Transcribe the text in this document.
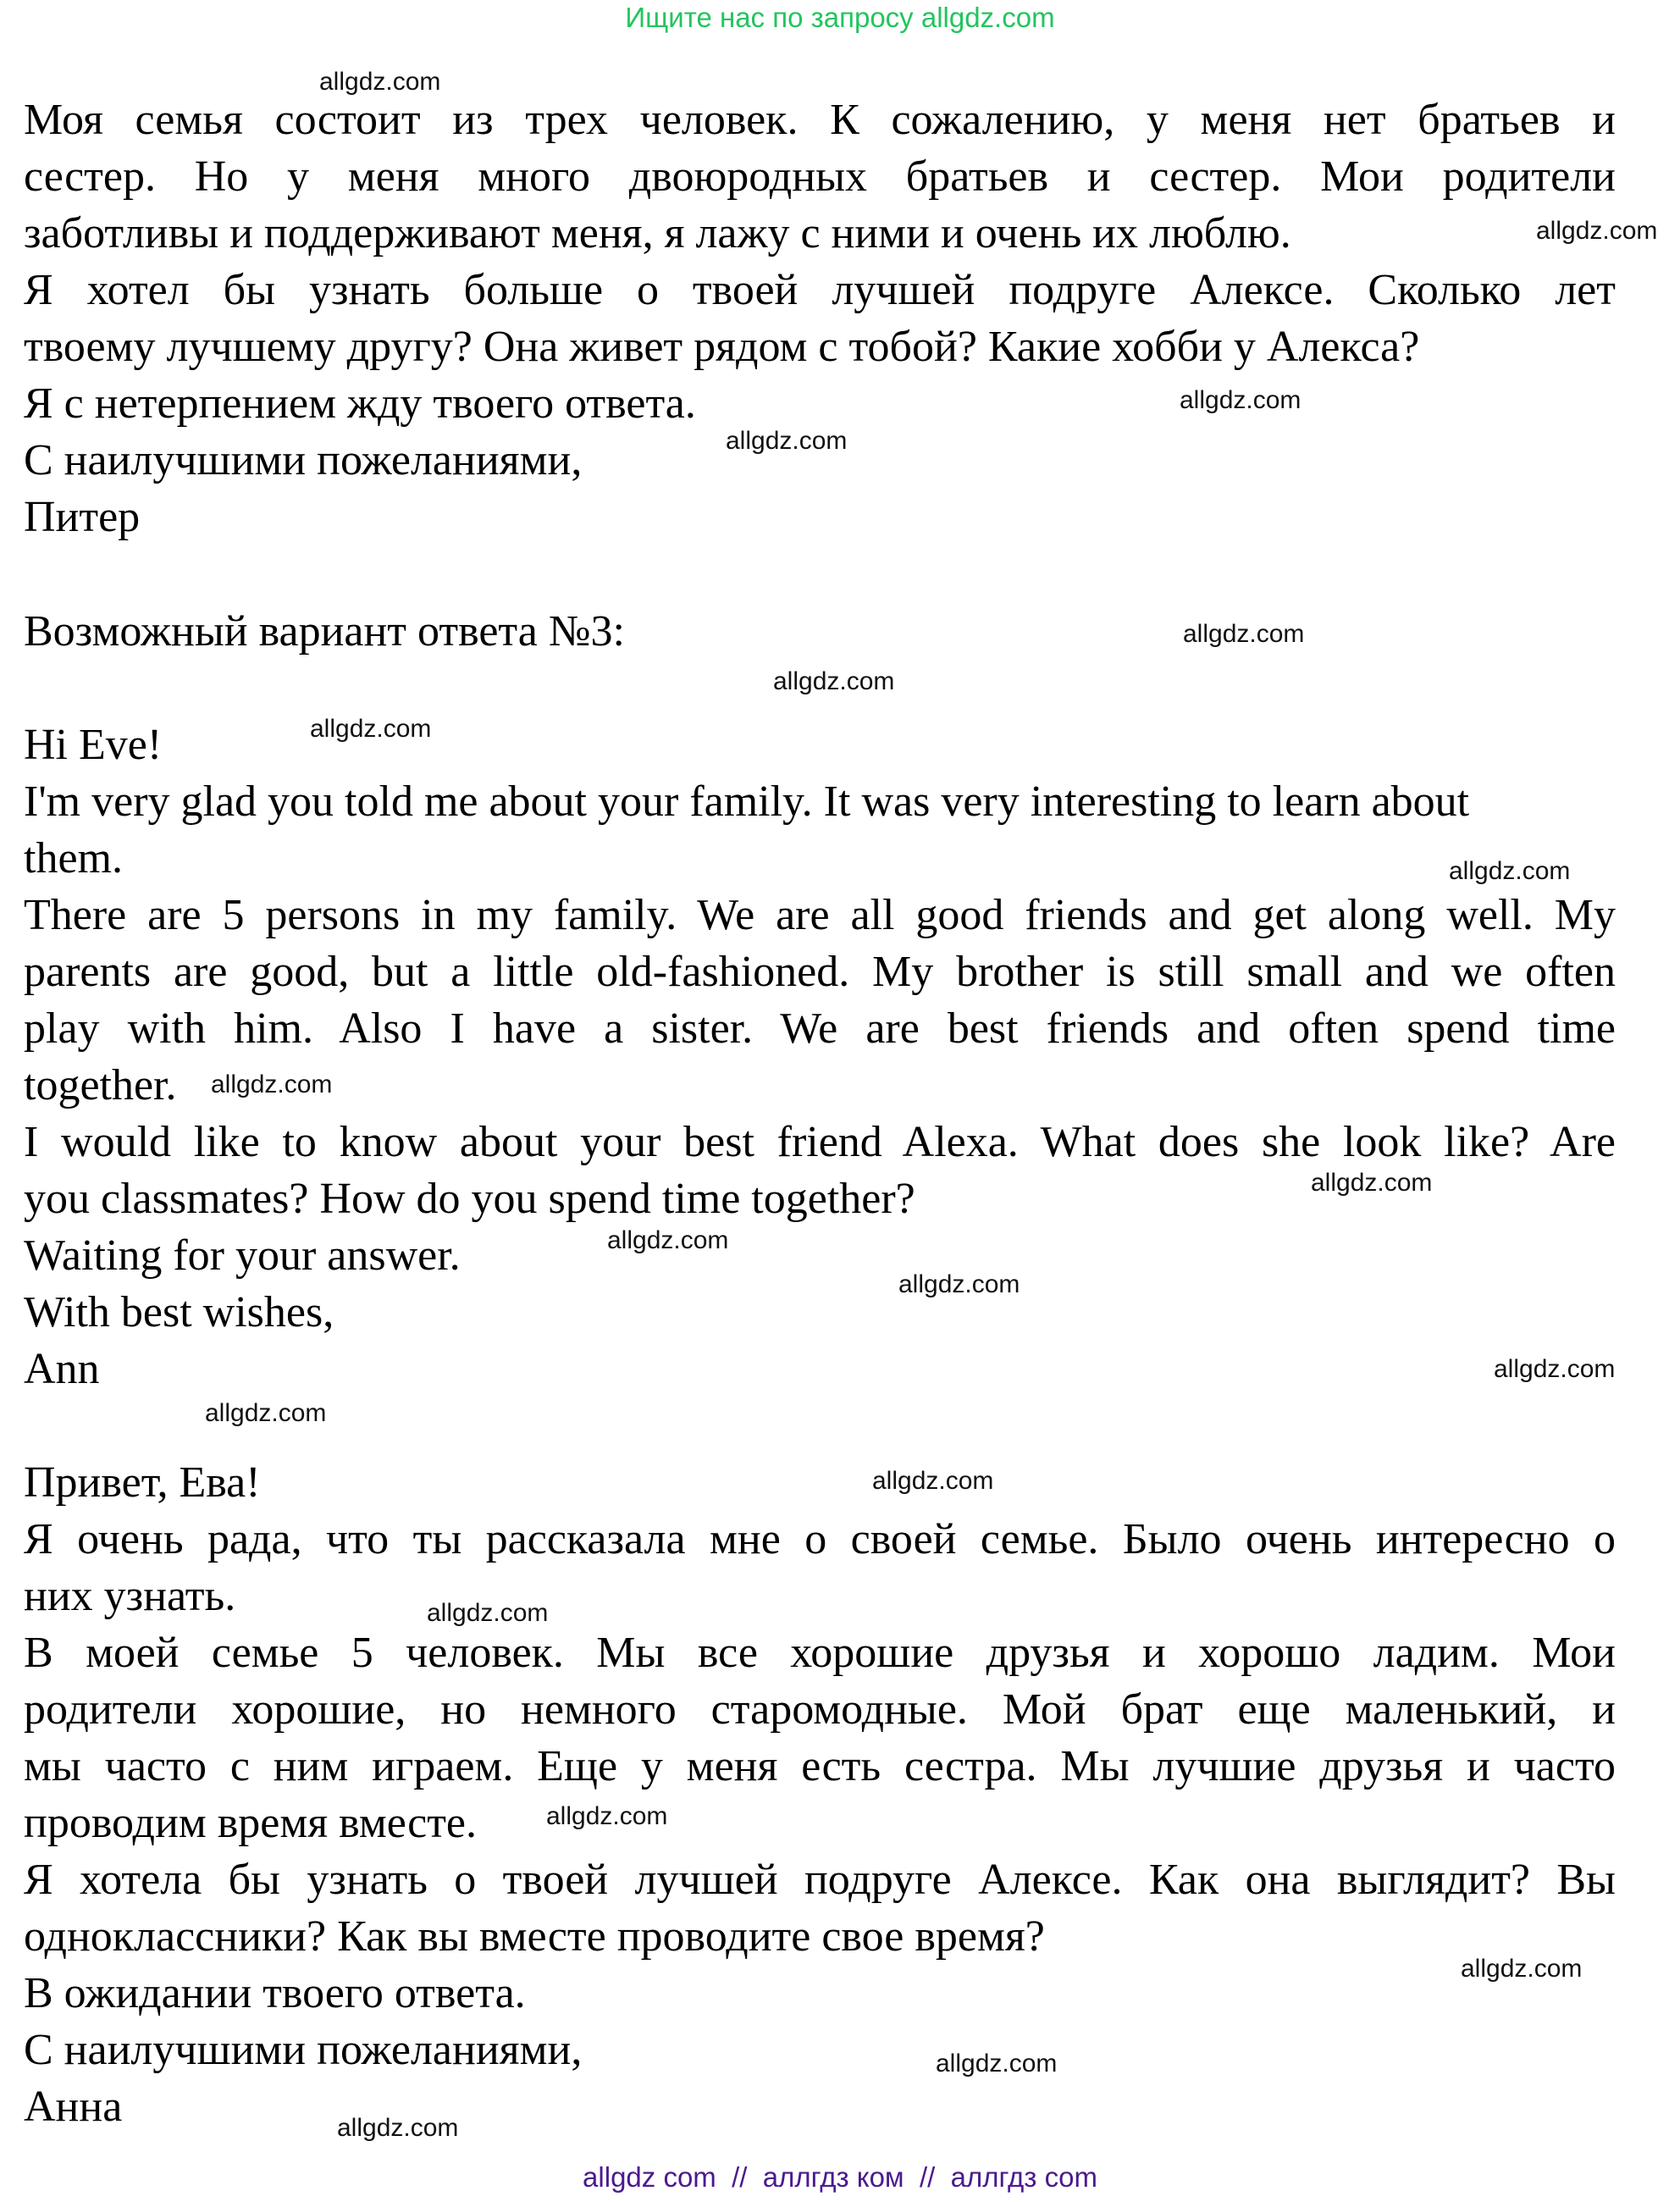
Ищите нас по запросу allgdz.com
Моя семья состоит из трех человек. К сожалению, у меня нет братьев и
сестер. Но у меня много двоюродных братьев и сестер. Мои родители
заботливы и поддерживают меня, я лажу с ними и очень их люблю.
Я хотел бы узнать больше о твоей лучшей подруге Алексе. Сколько лет
твоему лучшему другу? Она живет рядом с тобой? Какие хобби у Алекса?
Я с нетерпением жду твоего ответа.
С наилучшими пожеланиями,
Питер
Возможный вариант ответа №3:
Hi Eve!
I'm very glad you told me about your family. It was very interesting to learn about
them.
There are 5 persons in my family. We are all good friends and get along well. My
parents are good, but a little old-fashioned. My brother is still small and we often
play with him. Also I have a sister. We are best friends and often spend time
together.
I would like to know about your best friend Alexa. What does she look like? Are
you classmates? How do you spend time together?
Waiting for your answer.
With best wishes,
Ann
Привет, Ева!
Я очень рада, что ты рассказала мне о своей семье. Было очень интересно о
них узнать.
В моей семье 5 человек. Мы все хорошие друзья и хорошо ладим. Мои
родители хорошие, но немного старомодные. Мой брат еще маленький, и
мы часто с ним играем. Еще у меня есть сестра. Мы лучшие друзья и часто
проводим время вместе.
Я хотела бы узнать о твоей лучшей подруге Алексе. Как она выглядит? Вы
одноклассники? Как вы вместе проводите свое время?
В ожидании твоего ответа.
С наилучшими пожеланиями,
Анна
allgdz.com
allgdz.com
allgdz.com
allgdz.com
allgdz.com
allgdz.com
allgdz.com
allgdz.com
allgdz.com
allgdz.com
allgdz.com
allgdz.com
allgdz.com
allgdz.com
allgdz.com
allgdz.com
allgdz.com
allgdz.com
allgdz.com
allgdz.com
allgdz com  //  аллгдз ком  //  аллгдз com
